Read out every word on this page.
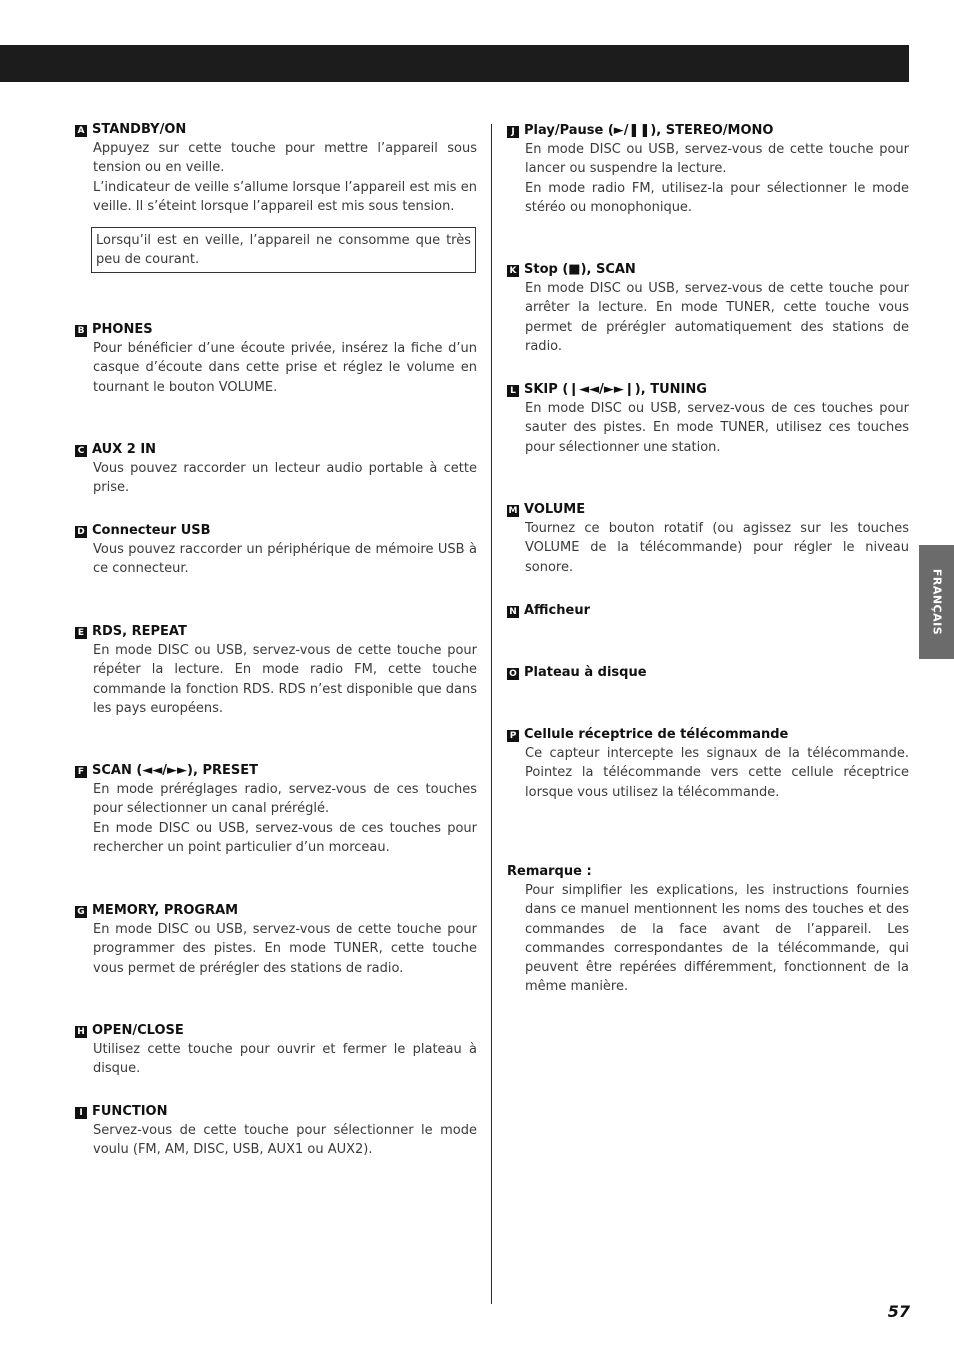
FRANÇAIS
A STANDBY/ON

Appuyez sur cette touche pour mettre l’appareil sous tension ou en veille.

L’indicateur de veille s’allume lorsque l’appareil est mis en veille. Il s’éteint lorsque l’appareil est mis sous tension.

Lorsqu’il est en veille, l’appareil ne consomme que très peu de courant.
B PHONES

Pour bénéficier d’une écoute privée, insérez la fiche d’un casque d’écoute dans cette prise et réglez le volume en tournant le bouton VOLUME.

C AUX 2 IN

Vous pouvez raccorder un lecteur audio portable à cette prise.

D Connecteur USB

Vous pouvez raccorder un périphérique de mémoire USB à ce connecteur.

E RDS, REPEAT

En mode DISC ou USB, servez-vous de cette touche pour répéter la lecture. En mode radio FM, cette touche commande la fonction RDS. RDS n’est disponible que dans les pays européens.

F SCAN (◄◄/►►), PRESET

En mode préréglages radio, servez-vous de ces touches pour sélectionner un canal préréglé.

En mode DISC ou USB, servez-vous de ces touches pour rechercher un point particulier d’un morceau.

G MEMORY, PROGRAM

En mode DISC ou USB, servez-vous de cette touche pour programmer des pistes. En mode TUNER, cette touche vous permet de prérégler des stations de radio.

H OPEN/CLOSE

Utilisez cette touche pour ouvrir et fermer le plateau à disque.

I FUNCTION

Servez-vous de cette touche pour sélectionner le mode voulu (FM, AM, DISC, USB, AUX1 ou AUX2).

J Play/Pause (►/❚❚), STEREO/MONO

En mode DISC ou USB, servez-vous de cette touche pour lancer ou suspendre la lecture.

En mode radio FM, utilisez-la pour sélectionner le mode stéréo ou monophonique.

K Stop (■), SCAN

En mode DISC ou USB, servez-vous de cette touche pour arrêter la lecture. En mode TUNER, cette touche vous permet de prérégler automatiquement des stations de radio.

L SKIP (❙◄◄/►►❙), TUNING

En mode DISC ou USB, servez-vous de ces touches pour sauter des pistes. En mode TUNER, utilisez ces touches pour sélectionner une station.

M VOLUME

Tournez ce bouton rotatif (ou agissez sur les touches VOLUME de la télécommande) pour régler le niveau sonore.

N Afficheur
O Plateau à disque
P Cellule réceptrice de télécommande

Ce capteur intercepte les signaux de la télécommande. Pointez la télécommande vers cette cellule réceptrice lorsque vous utilisez la télécommande.

Remarque :

Pour simplifier les explications, les instructions fournies dans ce manuel mentionnent les noms des touches et des commandes de la face avant de l’appareil. Les commandes correspondantes de la télécommande, qui peuvent être repérées différemment, fonctionnent de la même manière.

57
